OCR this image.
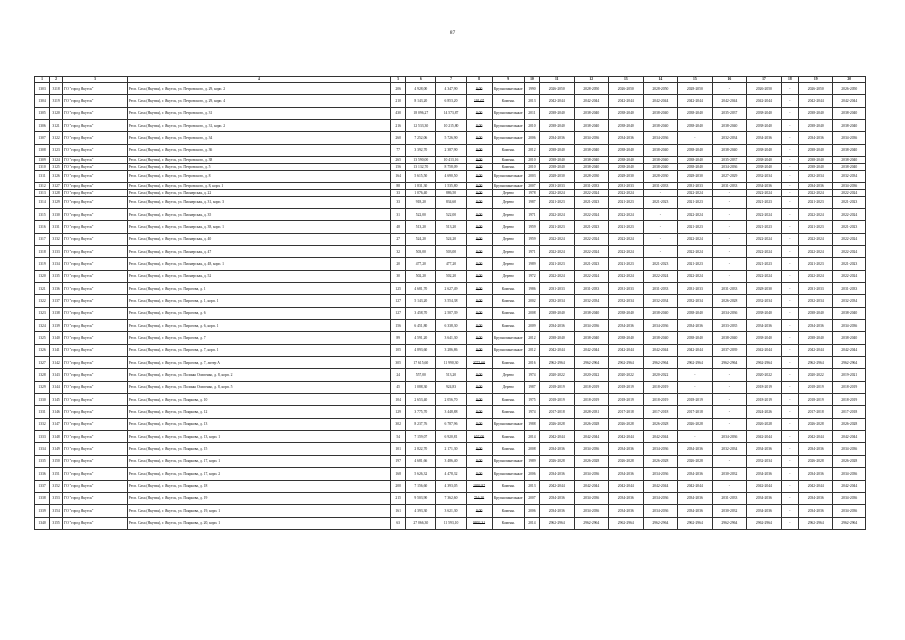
87
1	2	3	4	5	6	7	8	9	10	11	12	13	14	15	16	17	18	19	20
1303	3118	ГО "город Якутск"	Респ. Саха (Якутия), г. Якутск, ул. Петровского, д. 29, корп. 2	206	4 928,00	4 347,90	0,00	Крупнопанельные	1990	2026-2050	2028-2050	2026-2050	2028-2050	2028-2050	-	2026-2050	-	2026-2050	2026-2050
1304	3119	ГО "город Якутск"	Респ. Саха (Якутия), г. Якутск, ул. Петровского, д. 29, корп. 4	210	8 143,20	6 853,20	191,07	Каменн.	2013	2042-2044	2042-2044	2042-2044	2042-2044	2042-2044	2042-2044	2042-2044	-	2042-2044	2042-2044
1305	3120	ГО "город Якутск"	Респ. Саха (Якутия), г. Якутск, ул. Петровского, д. 31	430	18 096,27	14 573,87	0,00	Крупнопанельные	2011	2038-2040	2038-2040	2038-2040	2038-2040	2038-2040	2035-2037	2038-2040	-	2038-2040	2038-2040
1306	3121	ГО "город Якутск"	Респ. Саха (Якутия), г. Якутск, ул. Петровского, д. 31, корп. 2	216	12 533,30	10 215,80	0,00	Крупнопанельные	2010	2038-2040	2038-2040	2038-2040	2038-2040	2038-2040	2038-2040	2038-2040	-	2038-2040	2038-2040
1307	3122	ГО "город Якутск"	Респ. Саха (Якутия), г. Якутск, ул. Петровского, д. 34	260	7 252,06	5 726,90	0,00	Крупнопанельные	2006	2034-2036	2034-2036	2034-2036	2034-2036	-	2032-2034	2034-2036	-	2034-2036	2034-2036
1308	3123	ГО "город Якутск"	Респ. Саха (Якутия), г. Якутск, ул. Петровского, д. 36	77	3 392,70	2 387,90	0,00	Каменн.	2012	2038-2040	2038-2040	2038-2040	2038-2040	2038-2040	2038-2040	2038-2040	-	2038-2040	2038-2040
1309	3124	ГО "город Якутск"	Респ. Саха (Якутия), г. Якутск, ул. Петровского, д. 38	265	13 590,00	10 413,16	0,00	Каменн.	2010	2038-2040	2038-2040	2038-2040	2038-2040	2038-2040	2035-2037	2038-2040	-	2038-2040	2038-2040
1310	3125	ГО "город Якутск"	Респ. Саха (Якутия), г. Якутск, ул. Петровского, д. 5	156	13 132,70	8 758,09	0,00	Каменн.	2010	2038-2040	2038-2040	2038-2040	2038-2040	2038-2040	2034-2036	2038-2040	-	2038-2040	2038-2040
1311	3126	ГО "город Якутск"	Респ. Саха (Якутия), г. Якутск, ул. Петровского, д. 8	164	5 615,50	4 690,50	0,00	Крупнопанельные	2003	2028-2030	2028-2030	2028-2030	2028-2030	2028-2030	2027-2029	2032-2034	-	2032-2034	2032-2034
1312	3127	ГО "город Якутск"	Респ. Саха (Якутия), г. Якутск, ул. Петровского, д. 8, корп. 1	88	1 831,30	1 535,80	0,00	Крупнопанельные	2007	2031-2033	2031-2033	2031-2033	2031-2033	2031-2033	2031-2033	2034-2036	-	2034-2036	2034-2036
1313	3128	ГО "город Якутск"	Респ. Саха (Якутия), г. Якутск, ул. Пионерская, д. 22	33	1 076,40	886,50	0,00	Дерево	1978	2022-2024	2022-2024	2022-2024	-	2022-2024	-	2022-2024	-	2022-2024	2022-2024
1314	3129	ГО "город Якутск"	Респ. Саха (Якутия), г. Якутск, ул. Пионерская, д. 31, корп. 3	33	918,20	834,60	0,00	Дерево	1987	2021-2023	2021-2023	2021-2023	2021-2023	2021-2023	-	2021-2023	-	2021-2023	2021-2023
1315	3130	ГО "город Якутск"	Респ. Саха (Якутия), г. Якутск, ул. Пионерская, д. 35	31	522,00	522,00	0,00	Дерево	1971	2022-2024	2022-2024	2022-2024	-	2022-2024	-	2022-2024	-	2022-2024	2022-2024
1316	3131	ГО "город Якутск"	Респ. Саха (Якутия), г. Якутск, ул. Пионерская, д. 38, корп. 1	48	513,20	513,20	0,00	Дерево	1959	2021-2023	2021-2023	2021-2023	-	2021-2023	-	2021-2023	-	2021-2023	2021-2023
1317	3132	ГО "город Якутск"	Респ. Саха (Якутия), г. Якутск, ул. Пионерская, д. 40	27	524,20	524,20	0,00	Дерево	1959	2022-2024	2022-2024	2022-2024	-	2022-2024	-	2022-2024	-	2022-2024	2022-2024
1318	3133	ГО "город Якутск"	Респ. Саха (Якутия), г. Якутск, ул. Пионерская, д. 47	32	503,00	503,00	0,00	Дерево	1971	2022-2024	2022-2024	2022-2024	-	2022-2024	-	2022-2024	-	2022-2024	2022-2024
1319	3134	ГО "город Якутск"	Респ. Саха (Якутия), г. Якутск, ул. Пионерская, д. 48, корп. 1	20	477,20	477,20	0,00	Дерево	1989	2021-2023	2021-2023	2021-2023	2021-2023	2021-2023	-	2021-2023	-	2021-2023	2021-2023
1320	3135	ГО "город Якутск"	Респ. Саха (Якутия), г. Якутск, ул. Пионерская, д. 52	30	502,20	502,20	0,00	Дерево	1972	2022-2024	2022-2024	2022-2024	2022-2024	2022-2024	-	2022-2024	-	2022-2024	2022-2024
1321	3136	ГО "город Якутск"	Респ. Саха (Якутия), г. Якутск, ул. Пирогова, д. 1	125	4 681,70	2 627,49	0,00	Каменн.	1986	2031-2033	2031-2033	2031-2033	2031-2033	2031-2033	2031-2033	2028-2030	-	2031-2033	2031-2033
1322	3137	ГО "город Якутск"	Респ. Саха (Якутия), г. Якутск, ул. Пирогова, д. 1, корп. 1	127	5 143,20	3 554,38	0,00	Каменн.	2002	2032-2034	2032-2034	2032-2034	2032-2034	2032-2034	2026-2028	2032-2034	-	2032-2034	2032-2034
1323	3138	ГО "город Якутск"	Респ. Саха (Якутия), г. Якутск, ул. Пирогова, д. 6	127	3 458,70	2 507,39	0,00	Каменн.	2008	2038-2040	2038-2040	2038-2040	2038-2040	2038-2040	2034-2036	2038-2040	-	2038-2040	2038-2040
1324	3139	ГО "город Якутск"	Респ. Саха (Якутия), г. Якутск, ул. Пирогова, д. 6, корп. 1	156	6 451,80	6 338,30	0,00	Каменн.	2009	2034-2036	2034-2036	2034-2036	2034-2036	2034-2036	2033-2035	2034-2036	-	2034-2036	2034-2036
1325	3140	ГО "город Якутск"	Респ. Саха (Якутия), г. Якутск, ул. Пирогова, д. 7	89	4 591,20	3 641,30	0,00	Крупнопанельные	2012	2038-2040	2038-2040	2038-2040	2038-2040	2038-2040	2038-2040	2038-2040	-	2038-2040	2038-2040
1326	3141	ГО "город Якутск"	Респ. Саха (Якутия), г. Якутск, ул. Пирогова, д. 7, корп. 1	105	4 893,60	3 286,86	0,00	Крупнопанельные	2012	2042-2044	2042-2044	2042-2044	2042-2044	2042-2044	2037-2039	2042-2044	-	2042-2044	2042-2044
1327	3142	ГО "город Якутск"	Респ. Саха (Якутия), г. Якутск, ул. Пирогова, д. 7, литер А	305	17 615,60	11 990,30	3771,60	Каменн.	2016	2962-2964	2962-2964	2962-2964	2962-2964	2962-2964	2962-2964	2962-2964	-	2962-2964	2962-2964
1328	3143	ГО "город Якутск"	Респ. Саха (Якутия), г. Якутск, ул. Полины Осипенко, д. 8, корп. 2	24	557,00	513,20	0,00	Дерево	1974	2020-2022	2020-2022	2020-2022	2020-2022	-	-	2020-2022	-	2020-2022	2019-2021
1329	3144	ГО "город Якутск"	Респ. Саха (Якутия), г. Якутск, ул. Полины Осипенко, д. 8, корп. 5	45	1 088,30	924,83	0,00	Дерево	1987	2018-2019	2018-2019	2018-2019	2018-2019	-	-	2018-2019	-	2018-2019	2018-2019
1330	3145	ГО "город Якутск"	Респ. Саха (Якутия), г. Якутск, ул. Пояркова, д. 10	104	2 653,40	2 056,70	0,00	Каменн.	1975	2018-2019	2018-2019	2018-2019	2018-2019	2018-2019	-	2018-2019	-	2018-2019	2018-2019
1331	3146	ГО "город Якутск"	Респ. Саха (Якутия), г. Якутск, ул. Пояркова, д. 12	129	3 775,70	3 448,88	0,00	Каменн.	1974	2017-2018	2028-2031	2017-2018	2017-2018	2017-2018	-	2024-2026	-	2017-2018	2017-2018
1332	3147	ГО "город Якутск"	Респ. Саха (Якутия), г. Якутск, ул. Пояркова, д. 13	302	8 237,76	6 787,96	0,00	Крупнопанельные	1988	2026-2028	2026-2028	2026-2028	2026-2028	2026-2028	-	2026-2028	-	2026-2028	2026-2028
1333	3148	ГО "город Якутск"	Респ. Саха (Якутия), г. Якутск, ул. Пояркова, д. 13, корп. 1	54	7 159,07	6 920,81	657,00	Каменн.	2014	2042-2044	2042-2044	2042-2044	2042-2044	-	2034-2036	2042-2044	-	2042-2044	2042-2044
1334	3149	ГО "город Якутск"	Респ. Саха (Якутия), г. Якутск, ул. Пояркова, д. 15	101	2 822,70	2 171,30	0,00	Каменн.	2008	2034-2036	2034-2036	2034-2036	2034-2036	2034-2036	2032-2034	2034-2036	-	2034-2036	2034-2036
1335	3150	ГО "город Якутск"	Респ. Саха (Якутия), г. Якутск, ул. Пояркова, д. 17, корп. 1	197	4 681,66	3 486,40	0,00	Крупнопанельные	1989	2026-2028	2026-2028	2026-2028	2026-2028	2026-2028	-	2032-2034	-	2026-2028	2026-2028
1336	3151	ГО "город Якутск"	Респ. Саха (Якутия), г. Якутск, ул. Пояркова, д. 17, корп. 2	168	5 626,32	4 478,32	0,00	Крупнопанельные	2006	2034-2036	2034-2036	2034-2036	2034-2036	2034-2036	2030-2032	2034-2036	-	2034-2036	2034-2036
1337	3152	ГО "город Якутск"	Респ. Саха (Якутия), г. Якутск, ул. Пояркова, д. 18	200	7 156,60	4 393,05	1093,87	Каменн.	2013	2042-2044	2042-2044	2042-2044	2042-2044	2042-2044	-	2042-2044	-	2042-2044	2042-2044
1338	3153	ГО "город Якутск"	Респ. Саха (Якутия), г. Якутск, ул. Пояркова, д. 19	215	9 503,90	7 362,60	716,20	Крупнопанельные	2007	2034-2036	2034-2036	2034-2036	2034-2036	2034-2036	2031-2033	2034-2036	-	2034-2036	2034-2036
1339	3154	ГО "город Якутск"	Респ. Саха (Якутия), г. Якутск, ул. Пояркова, д. 19, корп. 1	161	4 393,30	3 621,30	0,00	Каменн.	2006	2034-2036	2034-2036	2034-2036	2034-2036	2034-2036	2030-2032	2034-2036	-	2034-2036	2034-2036
1340	3155	ГО "город Якутск"	Респ. Саха (Якутия), г. Якутск, ул. Пояркова, д. 20, корп. 1	63	27 066,30	11 593,10	9802,31	Каменн.	2014	2962-2964	2962-2964	2962-2964	2962-2964	2962-2964	2962-2964	2962-2964	-	2962-2964	2962-2964
